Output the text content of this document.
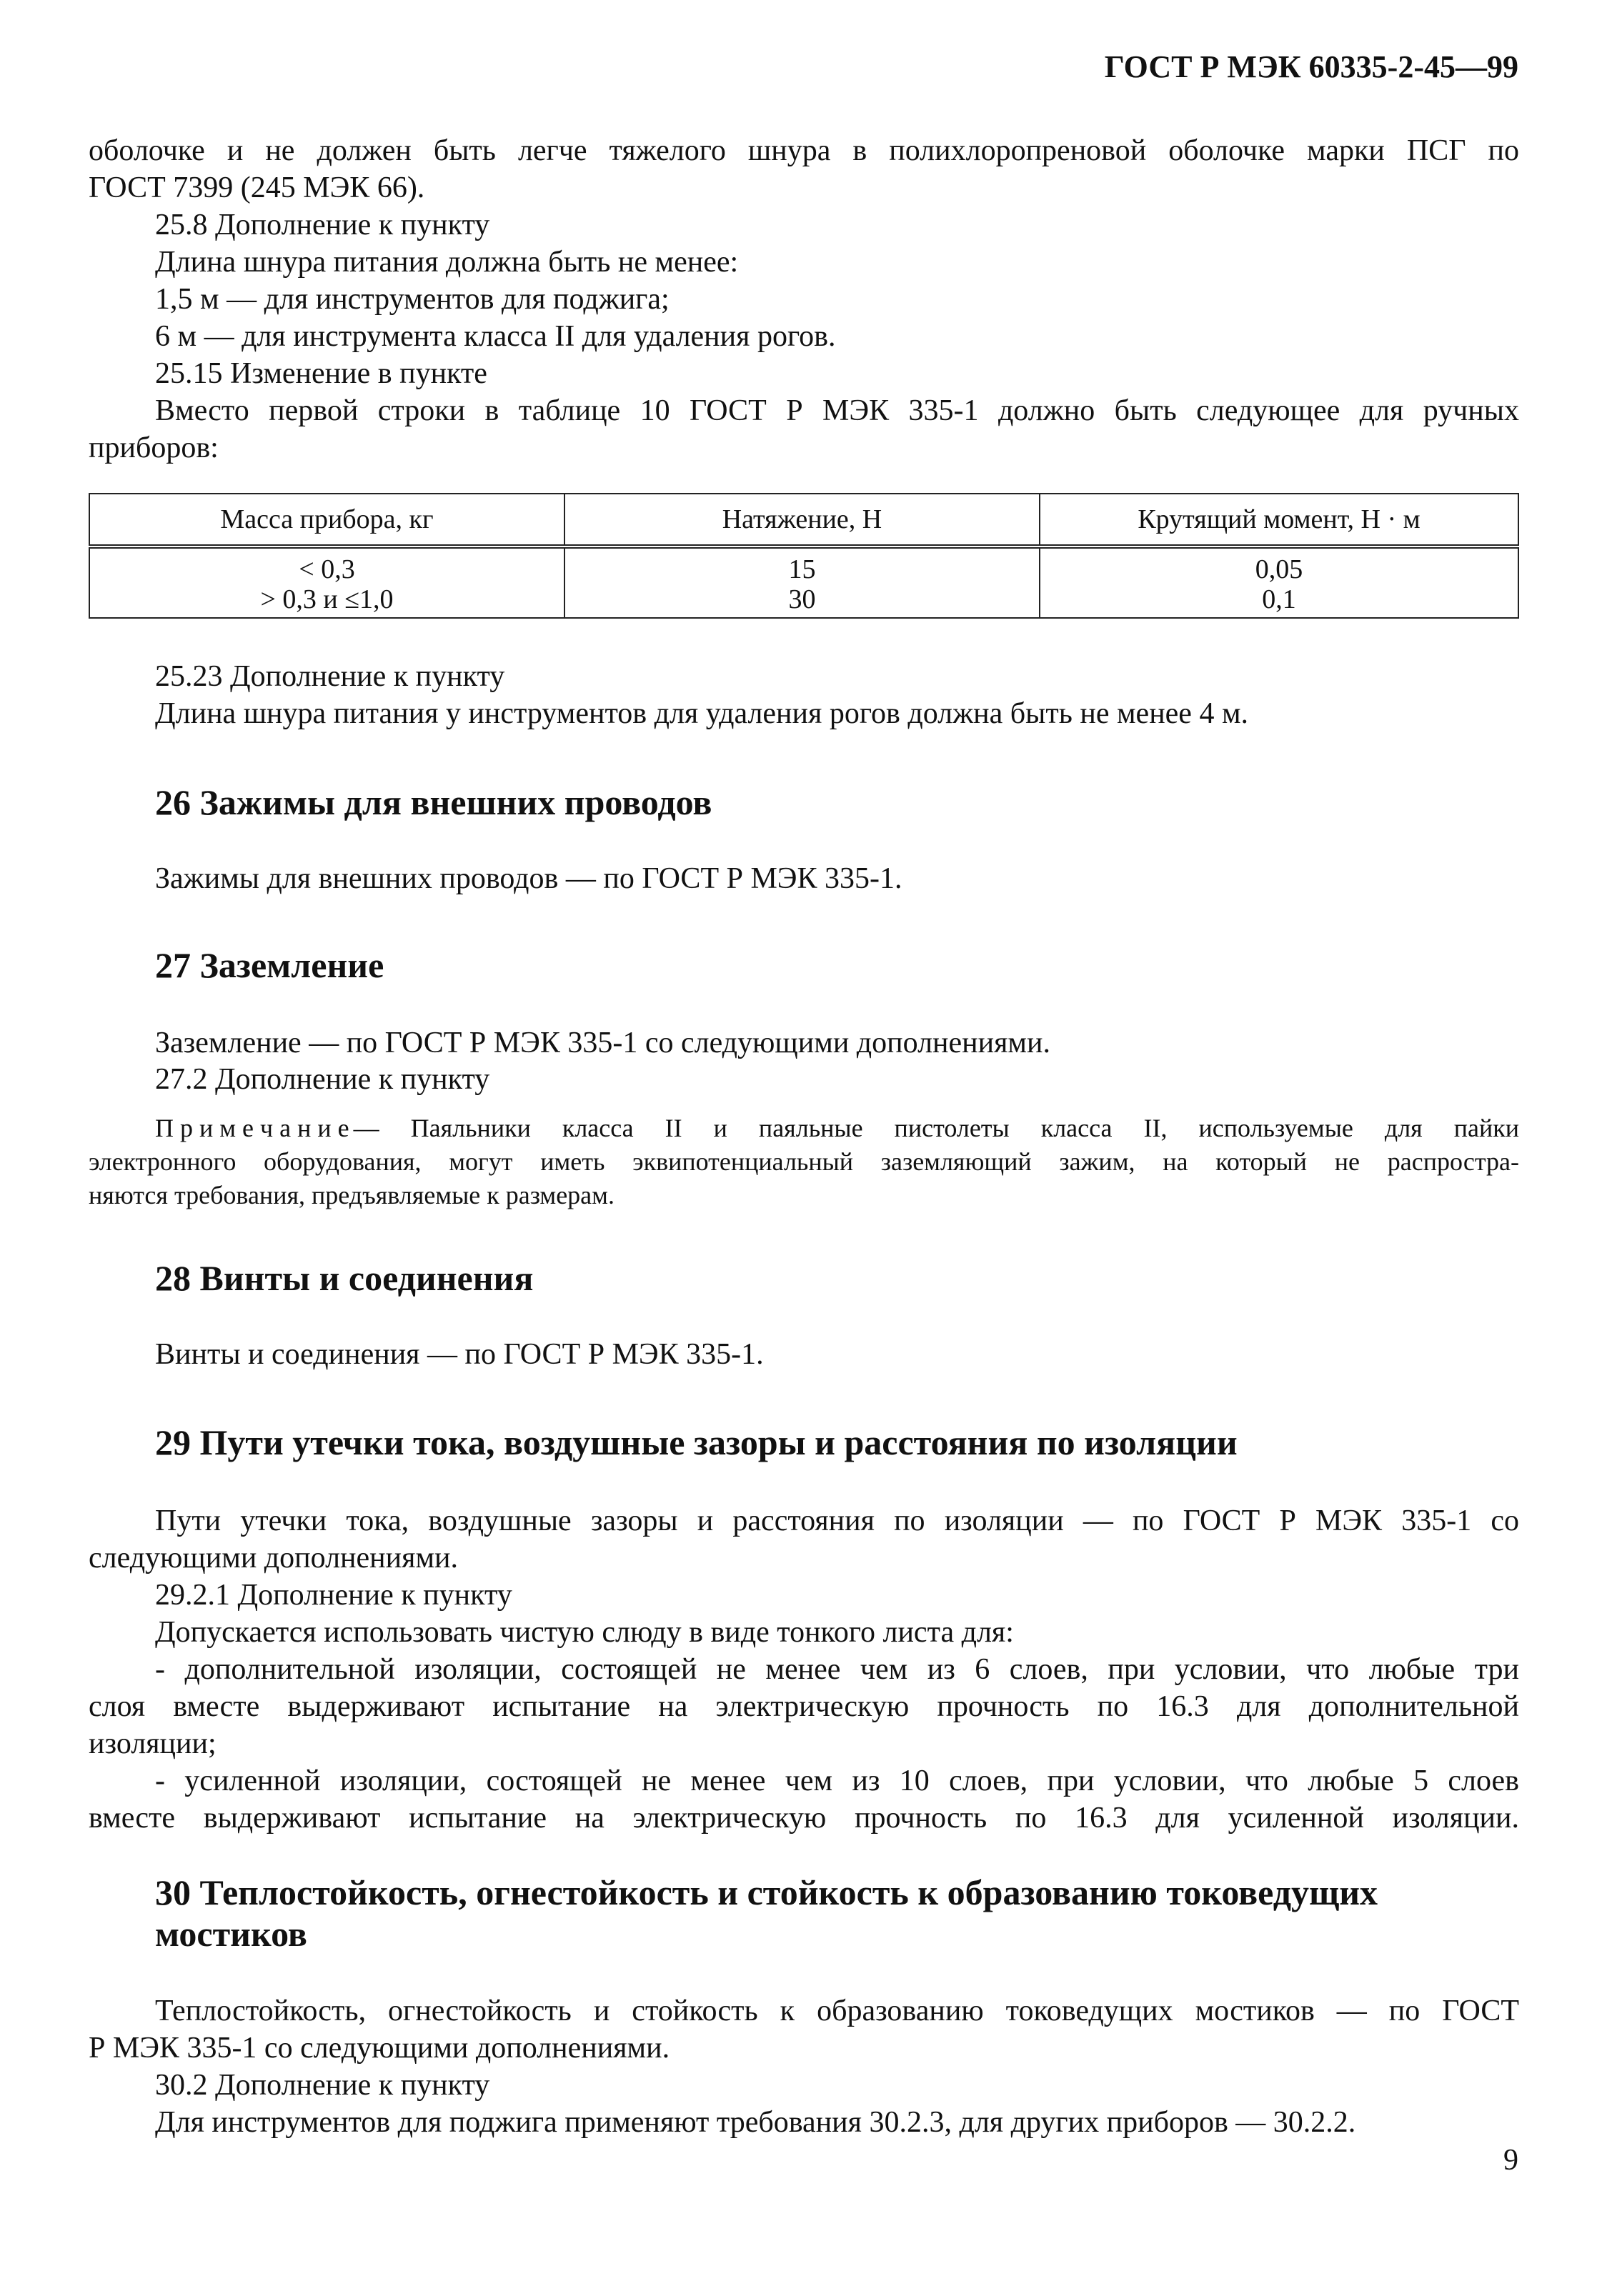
ГОСТ Р МЭК 60335-2-45—99
оболочке и не должен быть легче тяжелого шнура в полихлоропреновой оболочке марки ПСГ по
ГОСТ 7399 (245 МЭК 66).
25.8 Дополнение к пункту
Длина шнура питания должна быть не менее:
1,5 м — для инструментов для поджига;
6 м — для инструмента класса II для удаления рогов.
25.15 Изменение в пункте
Вместо первой строки в таблице 10 ГОСТ Р МЭК 335-1 должно быть следующее для ручных
приборов:
Масса прибора, кг	Натяжение, Н	Крутящий момент, Н · м
< 0,3	15	0,05
> 0,3 и ≤1,0	30	0,1
25.23 Дополнение к пункту
Длина шнура питания у инструментов для удаления рогов должна быть не менее 4 м.
26 Зажимы для внешних проводов
Зажимы для внешних проводов — по ГОСТ Р МЭК 335-1.
27 Заземление
Заземление — по ГОСТ Р МЭК 335-1 со следующими дополнениями.
27.2 Дополнение к пункту
П р и м е ч а н и е — Паяльники класса II и паяльные пистолеты класса II, используемые для пайки
электронного оборудования, могут иметь эквипотенциальный заземляющий зажим, на который не распростра-
няются требования, предъявляемые к размерам.
28 Винты и соединения
Винты и соединения — по ГОСТ Р МЭК 335-1.
29 Пути утечки тока, воздушные зазоры и расстояния по изоляции
Пути утечки тока, воздушные зазоры и расстояния по изоляции — по ГОСТ Р МЭК 335-1 со
следующими дополнениями.
29.2.1 Дополнение к пункту
Допускается использовать чистую слюду в виде тонкого листа для:
- дополнительной изоляции, состоящей не менее чем из 6 слоев, при условии, что любые три
слоя вместе выдерживают испытание на электрическую прочность по 16.3 для дополнительной
изоляции;
- усиленной изоляции, состоящей не менее чем из 10 слоев, при условии, что любые 5 слоев
вместе выдерживают испытание на электрическую прочность по 16.3 для усиленной изоляции.
30 Теплостойкость, огнестойкость и стойкость к образованию токоведущих
мостиков
Теплостойкость, огнестойкость и стойкость к образованию токоведущих мостиков — по ГОСТ
Р МЭК 335-1 со следующими дополнениями.
30.2 Дополнение к пункту
Для инструментов для поджига применяют требования 30.2.3, для других приборов — 30.2.2.
9
